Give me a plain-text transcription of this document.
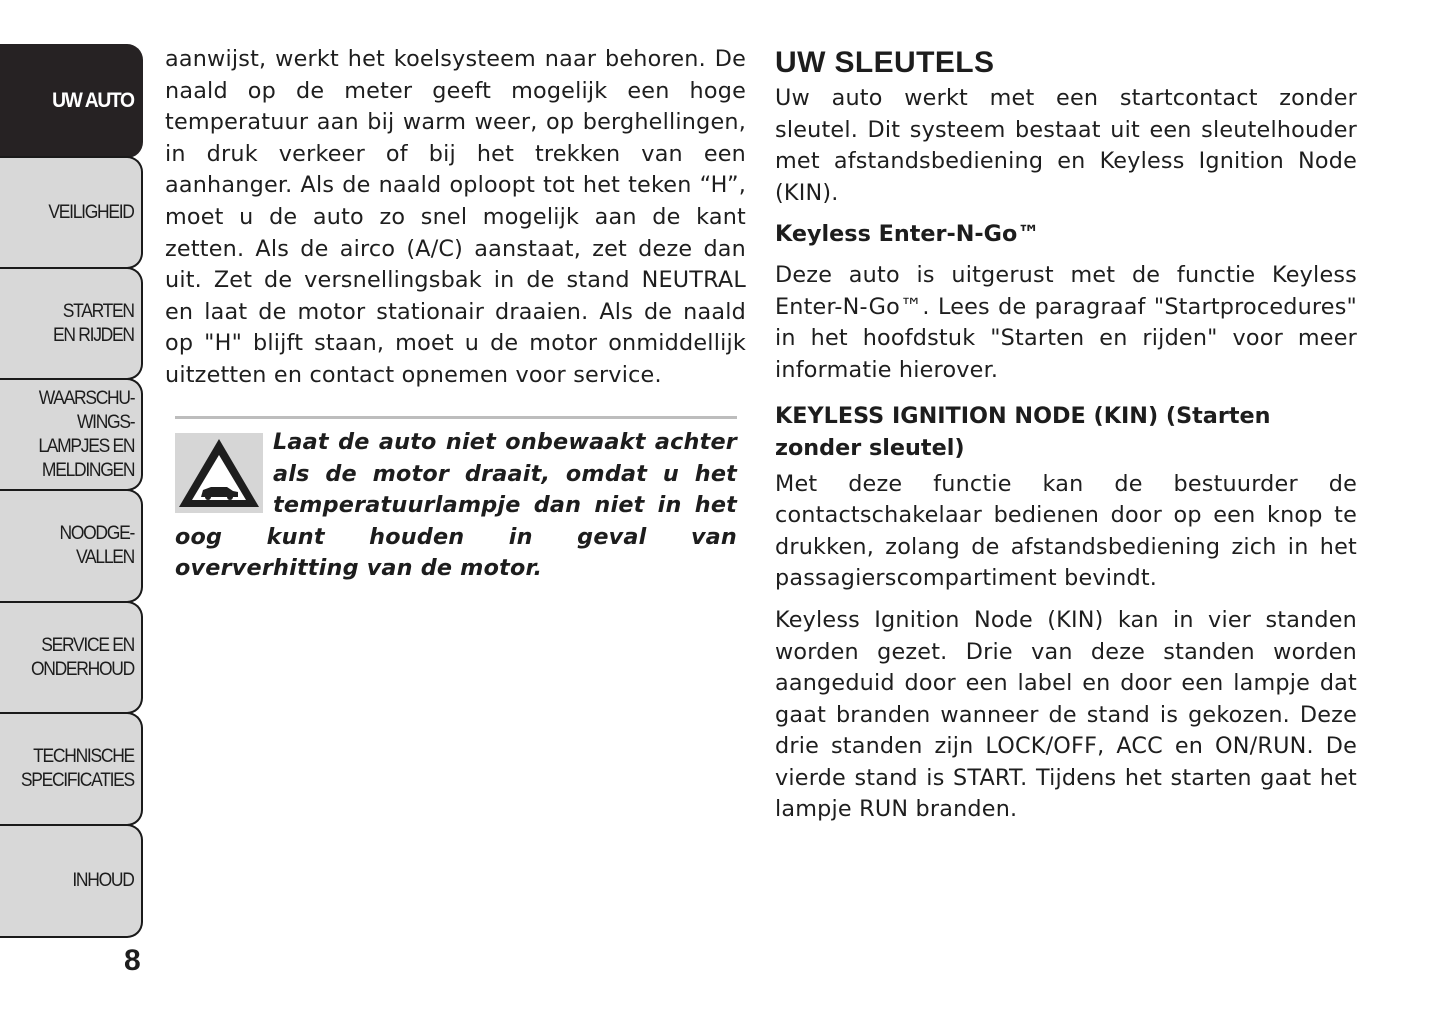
UW AUTO
VEILIGHEID
STARTEN
EN RIJDEN
WAARSCHU-
WINGS-
LAMPJES EN
MELDINGEN
NOODGE-
VALLEN
SERVICE EN
ONDERHOUD
TECHNISCHE
SPECIFICATIES
INHOUD
8

aanwijst, werkt het koelsysteem naar behoren. De naald op de meter geeft mogelijk een hoge temperatuur aan bij warm weer, op berghellingen, in druk verkeer of bij het trekken van een aanhanger. Als de naald oploopt tot het teken “H”, moet u de auto zo snel mogelijk aan de kant zetten. Als de airco (A/C) aanstaat, zet deze dan uit. Zet de versnellingsbak in de stand NEUTRAL en laat de motor stationair draaien. Als de naald op "H" blijft staan, moet u de motor onmiddellijk uitzetten en contact opnemen voor service.

Laat de auto niet onbewaakt achter als de motor draait, omdat u het temperatuurlampje dan niet in het oog kunt houden in geval van oververhitting van de motor.

UW SLEUTELS

Uw auto werkt met een startcontact zonder sleutel. Dit systeem bestaat uit een sleutelhouder met afstandsbediening en Keyless Ignition Node (KIN).

Keyless Enter-N-Go™

Deze auto is uitgerust met de functie Keyless Enter-N-Go™. Lees de paragraaf "Startprocedures" in het hoofdstuk "Starten en rijden" voor meer informatie hierover.

KEYLESS IGNITION NODE (KIN) (Starten zonder sleutel)

Met deze functie kan de bestuurder de contactschakelaar bedienen door op een knop te drukken, zolang de afstandsbediening zich in het passagierscompartiment bevindt.

Keyless Ignition Node (KIN) kan in vier standen worden gezet. Drie van deze standen worden aangeduid door een label en door een lampje dat gaat branden wanneer de stand is gekozen. Deze drie standen zijn LOCK/OFF, ACC en ON/RUN. De vierde stand is START. Tijdens het starten gaat het lampje RUN branden.
